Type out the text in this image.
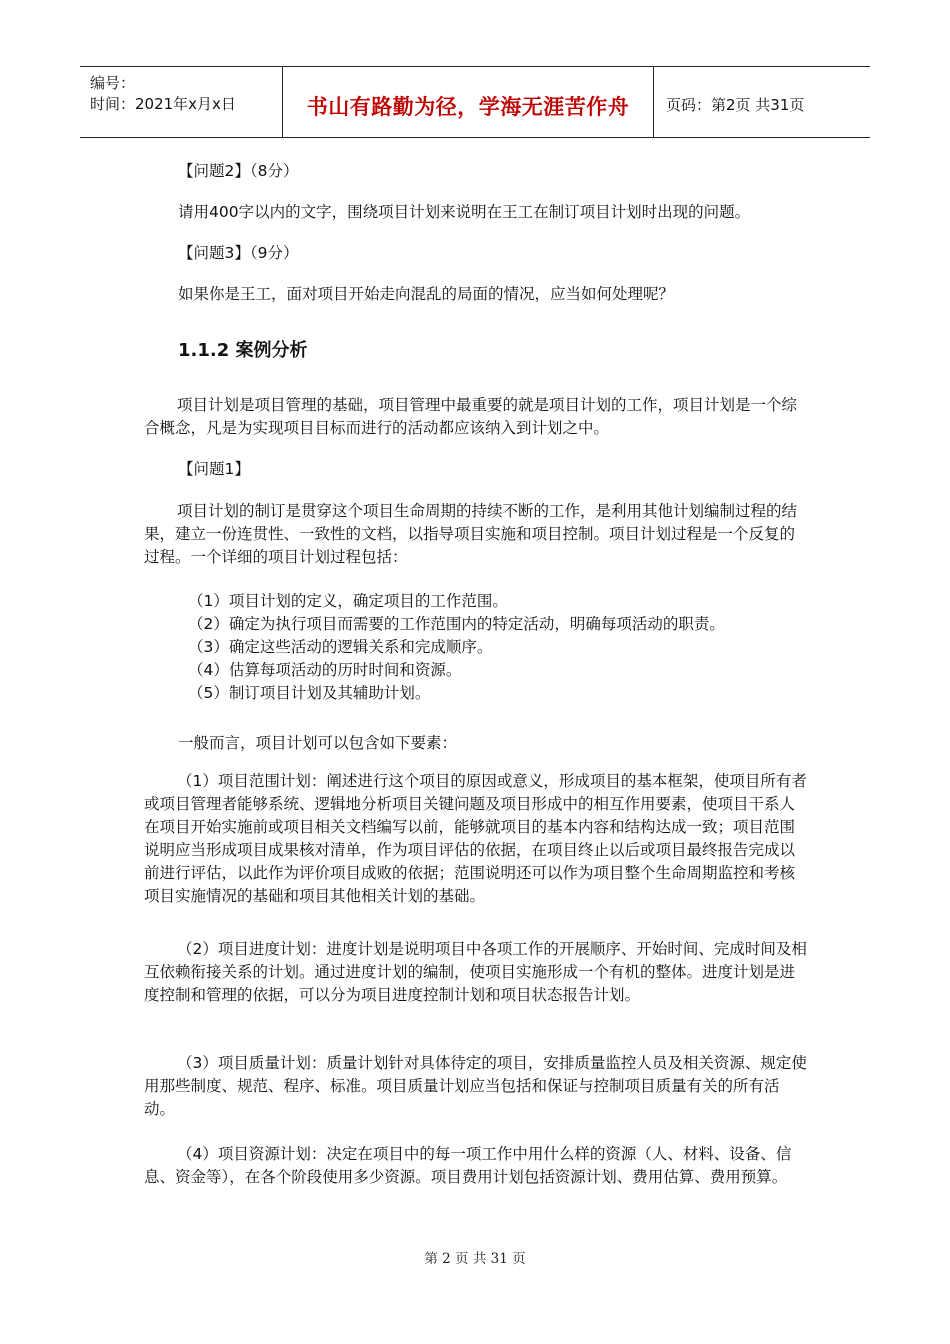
编号：
时间：2021年x月x日	书山有路勤为径，学海无涯苦作舟	页码：第2页 共31页
【问题2】（8分）
请用400字以内的文字，围绕项目计划来说明在王工在制订项目计划时出现的问题。
【问题3】（9分）
如果你是王工，面对项目开始走向混乱的局面的情况，应当如何处理呢？
1.1.2 案例分析
项目计划是项目管理的基础，项目管理中最重要的就是项目计划的工作，项目计划是一个综合概念，凡是为实现项目目标而进行的活动都应该纳入到计划之中。
【问题1】
项目计划的制订是贯穿这个项目生命周期的持续不断的工作，是利用其他计划编制过程的结果，建立一份连贯性、一致性的文档，以指导项目实施和项目控制。项目计划过程是一个反复的过程。一个详细的项目计划过程包括：
（1）项目计划的定义，确定项目的工作范围。
（2）确定为执行项目而需要的工作范围内的特定活动，明确每项活动的职责。
（3）确定这些活动的逻辑关系和完成顺序。
（4）估算每项活动的历时时间和资源。
（5）制订项目计划及其辅助计划。
一般而言，项目计划可以包含如下要素：
（1）项目范围计划：阐述进行这个项目的原因或意义，形成项目的基本框架，使项目所有者或项目管理者能够系统、逻辑地分析项目关键问题及项目形成中的相互作用要素，使项目干系人在项目开始实施前或项目相关文档编写以前，能够就项目的基本内容和结构达成一致；项目范围说明应当形成项目成果核对清单，作为项目评估的依据，在项目终止以后或项目最终报告完成以前进行评估，以此作为评价项目成败的依据；范围说明还可以作为项目整个生命周期监控和考核项目实施情况的基础和项目其他相关计划的基础。
（2）项目进度计划：进度计划是说明项目中各项工作的开展顺序、开始时间、完成时间及相互依赖衔接关系的计划。通过进度计划的编制，使项目实施形成一个有机的整体。进度计划是进度控制和管理的依据，可以分为项目进度控制计划和项目状态报告计划。
（3）项目质量计划：质量计划针对具体待定的项目，安排质量监控人员及相关资源、规定使用那些制度、规范、程序、标准。项目质量计划应当包括和保证与控制项目质量有关的所有活动。
（4）项目资源计划：决定在项目中的每一项工作中用什么样的资源（人、材料、设备、信息、资金等），在各个阶段使用多少资源。项目费用计划包括资源计划、费用估算、费用预算。
第 2 页 共 31 页
